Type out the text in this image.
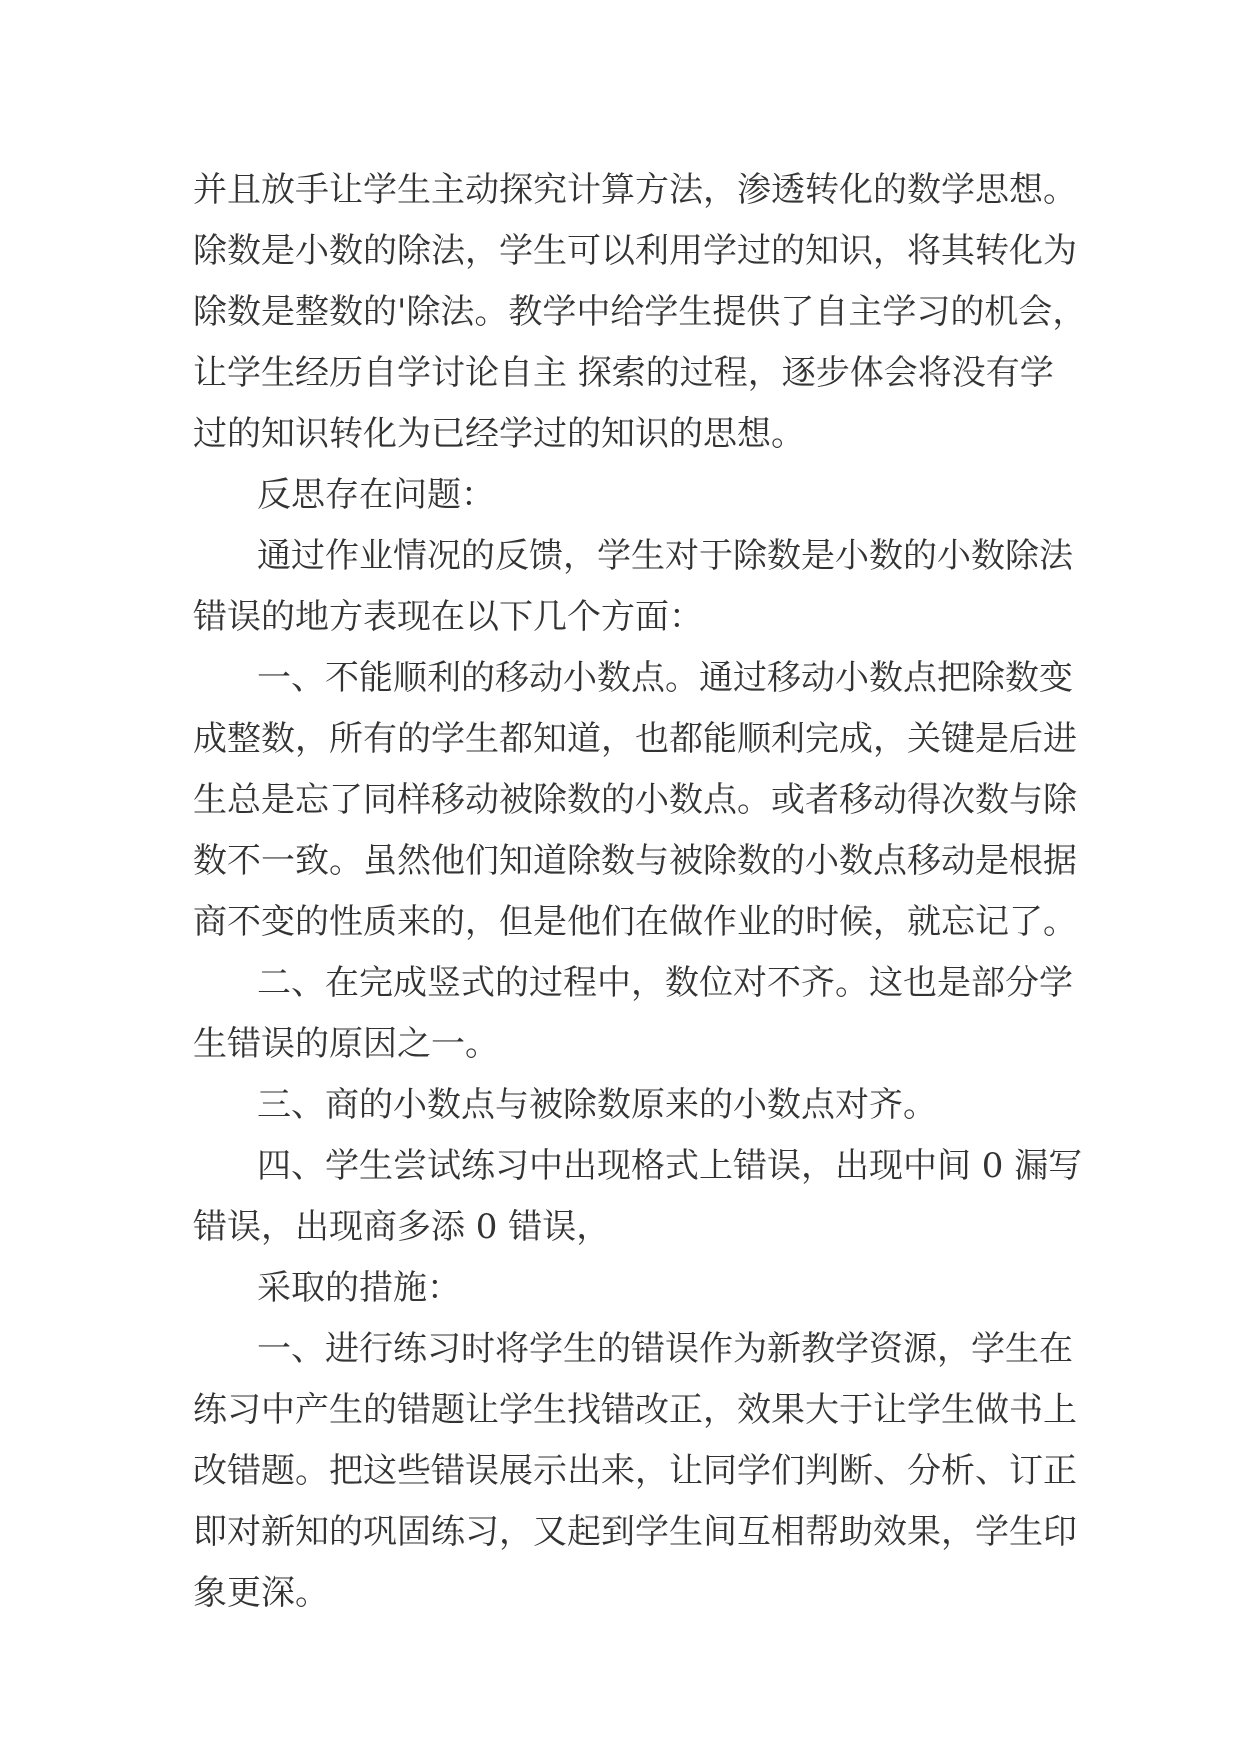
并且放手让学生主动探究计算方法，渗透转化的数学思想。
除数是小数的除法，学生可以利用学过的知识，将其转化为
除数是整数的'除法。教学中给学生提供了自主学习的机会，
让学生经历自学讨论自主 探索的过程，逐步体会将没有学
过的知识转化为已经学过的知识的思想。
反思存在问题：
通过作业情况的反馈，学生对于除数是小数的小数除法
错误的地方表现在以下几个方面：
一、不能顺利的移动小数点。通过移动小数点把除数变
成整数，所有的学生都知道，也都能顺利完成，关键是后进
生总是忘了同样移动被除数的小数点。或者移动得次数与除
数不一致。虽然他们知道除数与被除数的小数点移动是根据
商不变的性质来的，但是他们在做作业的时候，就忘记了。
二、在完成竖式的过程中，数位对不齐。这也是部分学
生错误的原因之一。
三、商的小数点与被除数原来的小数点对齐。
四、学生尝试练习中出现格式上错误，出现中间 0 漏写
错误，出现商多添 0 错误，
采取的措施：
一、进行练习时将学生的错误作为新教学资源，学生在
练习中产生的错题让学生找错改正，效果大于让学生做书上
改错题。把这些错误展示出来，让同学们判断、分析、订正
即对新知的巩固练习，又起到学生间互相帮助效果，学生印
象更深。
